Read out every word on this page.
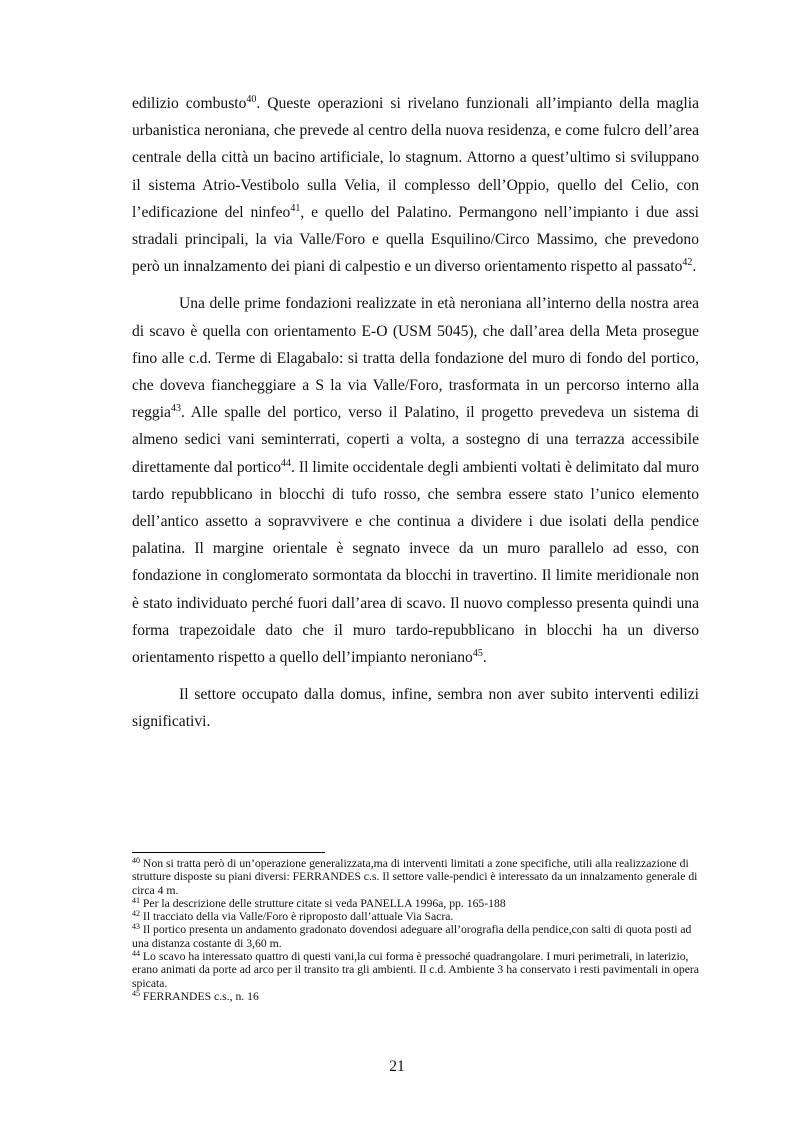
edilizio combusto$^{40}$. Queste operazioni si rivelano funzionali all’impianto della maglia urbanistica neroniana, che prevede al centro della nuova residenza, e come fulcro dell’area centrale della città un bacino artificiale, lo stagnum. Attorno a quest’ultimo si sviluppano il sistema Atrio-Vestibolo sulla Velia, il complesso dell’Oppio, quello del Celio, con l’edificazione del ninfeo$^{41}$, e quello del Palatino. Permangono nell’impianto i due assi stradali principali, la via Valle/Foro e quella Esquilino/Circo Massimo, che prevedono però un innalzamento dei piani di calpestio e un diverso orientamento rispetto al passato$^{42}$.

Una delle prime fondazioni realizzate in età neroniana all’interno della nostra area di scavo è quella con orientamento E-O (USM 5045), che dall’area della Meta prosegue fino alle c.d. Terme di Elagabalo: si tratta della fondazione del muro di fondo del portico, che doveva fiancheggiare a S la via Valle/Foro, trasformata in un percorso interno alla reggia$^{43}$. Alle spalle del portico, verso il Palatino, il progetto prevedeva un sistema di almeno sedici vani seminterrati, coperti a volta, a sostegno di una terrazza accessibile direttamente dal portico$^{44}$. Il limite occidentale degli ambienti voltati è delimitato dal muro tardo repubblicano in blocchi di tufo rosso, che sembra essere stato l’unico elemento dell’antico assetto a sopravvivere e che continua a dividere i due isolati della pendice palatina. Il margine orientale è segnato invece da un muro parallelo ad esso, con fondazione in conglomerato sormontata da blocchi in travertino. Il limite meridionale non è stato individuato perché fuori dall’area di scavo. Il nuovo complesso presenta quindi una forma trapezoidale dato che il muro tardo-repubblicano in blocchi ha un diverso orientamento rispetto a quello dell’impianto neroniano$^{45}$.

Il settore occupato dalla domus, infine, sembra non aver subito interventi edilizi significativi.

$^{40}$ Non si tratta però di un’operazione generalizzata,ma di interventi limitati a zone specifiche, utili alla realizzazione di strutture disposte su piani diversi: FERRANDES c.s. Il settore valle-pendici è interessato da un innalzamento generale di circa 4 m.

$^{41}$ Per la descrizione delle strutture citate si veda PANELLA 1996a, pp. 165-188

$^{42}$ Il tracciato della via Valle/Foro è riproposto dall’attuale Via Sacra.

$^{43}$ Il portico presenta un andamento gradonato dovendosi adeguare all’orografia della pendice,con salti di quota posti ad una distanza costante di 3,60 m.

$^{44}$ Lo scavo ha interessato quattro di questi vani,la cui forma è pressoché quadrangolare. I muri perimetrali, in laterizio, erano animati da porte ad arco per il transito tra gli ambienti. Il c.d. Ambiente 3 ha conservato i resti pavimentali in opera spicata.

$^{45}$ FERRANDES c.s., n. 16

21
